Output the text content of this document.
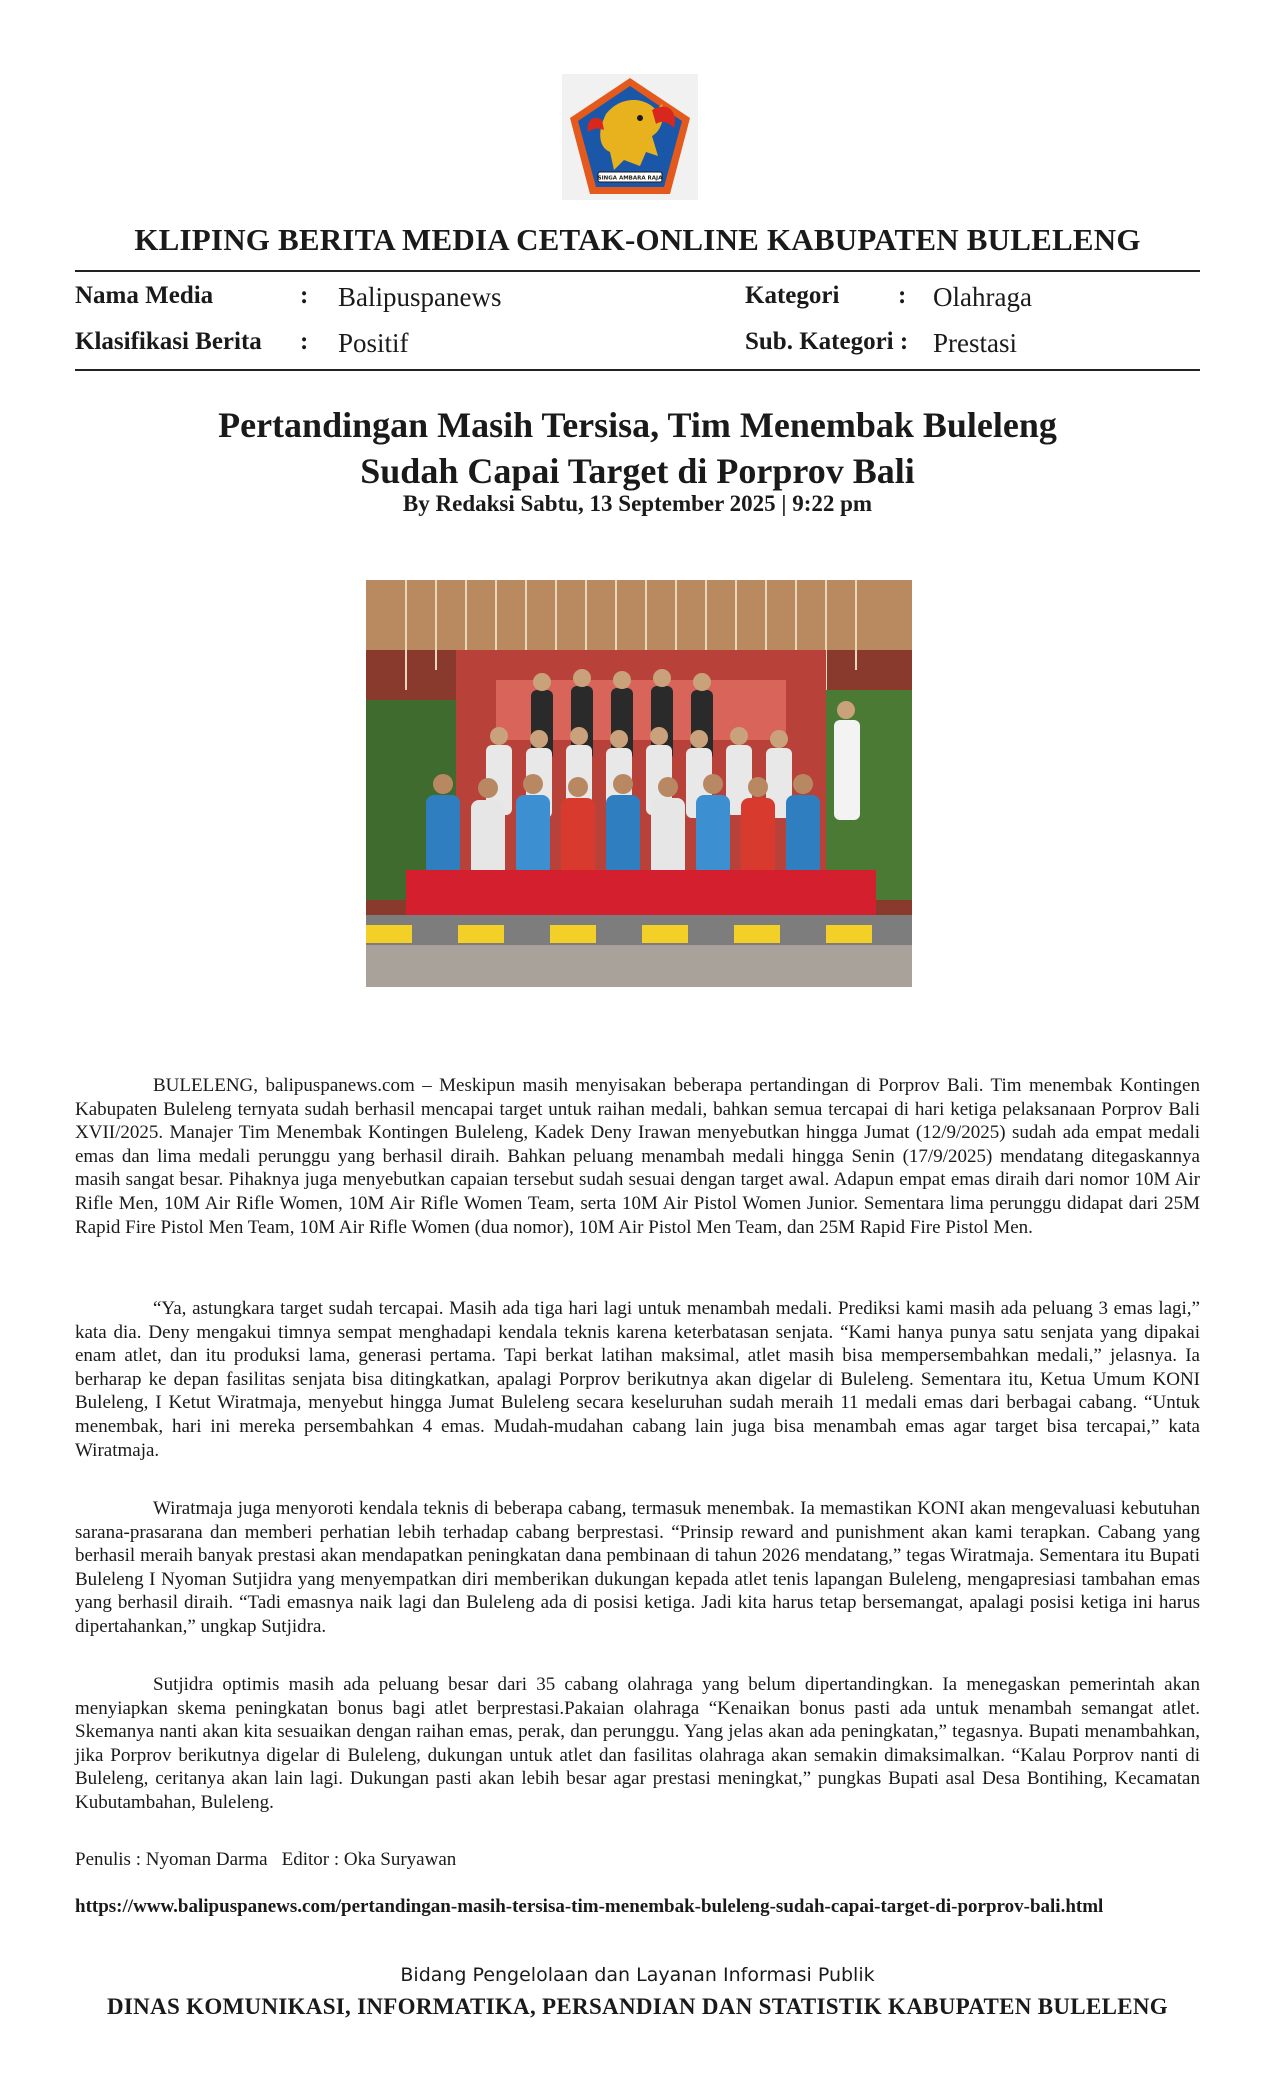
SINGA AMBARA RAJA
KLIPING BERITA MEDIA CETAK-ONLINE KABUPATEN BULELENG
Nama Media	: Balipuspanews
Klasifikasi Berita : Positif
Kategori : Olahraga
Sub. Kategori : Prestasi
Pertandingan Masih Tersisa, Tim Menembak Buleleng
Sudah Capai Target di Porprov Bali
By Redaksi Sabtu, 13 September 2025 | 9:22 pm

BULELENG, balipuspanews.com – Meskipun masih menyisakan beberapa pertandingan di Porprov Bali. Tim menembak Kontingen Kabupaten Buleleng ternyata sudah berhasil mencapai target untuk raihan medali, bahkan semua tercapai di hari ketiga pelaksanaan Porprov Bali XVII/2025. Manajer Tim Menembak Kontingen Buleleng, Kadek Deny Irawan menyebutkan hingga Jumat (12/9/2025) sudah ada empat medali emas dan lima medali perunggu yang berhasil diraih. Bahkan peluang menambah medali hingga Senin (17/9/2025) mendatang ditegaskannya masih sangat besar. Pihaknya juga menyebutkan capaian tersebut sudah sesuai dengan target awal. Adapun empat emas diraih dari nomor 10M Air Rifle Men, 10M Air Rifle Women, 10M Air Rifle Women Team, serta 10M Air Pistol Women Junior. Sementara lima perunggu didapat dari 25M Rapid Fire Pistol Men Team, 10M Air Rifle Women (dua nomor), 10M Air Pistol Men Team, dan 25M Rapid Fire Pistol Men.

“Ya, astungkara target sudah tercapai. Masih ada tiga hari lagi untuk menambah medali. Prediksi kami masih ada peluang 3 emas lagi,” kata dia. Deny mengakui timnya sempat menghadapi kendala teknis karena keterbatasan senjata. “Kami hanya punya satu senjata yang dipakai enam atlet, dan itu produksi lama, generasi pertama. Tapi berkat latihan maksimal, atlet masih bisa mempersembahkan medali,” jelasnya. Ia berharap ke depan fasilitas senjata bisa ditingkatkan, apalagi Porprov berikutnya akan digelar di Buleleng. Sementara itu, Ketua Umum KONI Buleleng, I Ketut Wiratmaja, menyebut hingga Jumat Buleleng secara keseluruhan sudah meraih 11 medali emas dari berbagai cabang. “Untuk menembak, hari ini mereka persembahkan 4 emas. Mudah-mudahan cabang lain juga bisa menambah emas agar target bisa tercapai,” kata Wiratmaja.

Wiratmaja juga menyoroti kendala teknis di beberapa cabang, termasuk menembak. Ia memastikan KONI akan mengevaluasi kebutuhan sarana-prasarana dan memberi perhatian lebih terhadap cabang berprestasi. “Prinsip reward and punishment akan kami terapkan. Cabang yang berhasil meraih banyak prestasi akan mendapatkan peningkatan dana pembinaan di tahun 2026 mendatang,” tegas Wiratmaja. Sementara itu Bupati Buleleng I Nyoman Sutjidra yang menyempatkan diri memberikan dukungan kepada atlet tenis lapangan Buleleng, mengapresiasi tambahan emas yang berhasil diraih. “Tadi emasnya naik lagi dan Buleleng ada di posisi ketiga. Jadi kita harus tetap bersemangat, apalagi posisi ketiga ini harus dipertahankan,” ungkap Sutjidra.

Sutjidra optimis masih ada peluang besar dari 35 cabang olahraga yang belum dipertandingkan. Ia menegaskan pemerintah akan menyiapkan skema peningkatan bonus bagi atlet berprestasi.Pakaian olahraga “Kenaikan bonus pasti ada untuk menambah semangat atlet. Skemanya nanti akan kita sesuaikan dengan raihan emas, perak, dan perunggu. Yang jelas akan ada peningkatan,” tegasnya. Bupati menambahkan, jika Porprov berikutnya digelar di Buleleng, dukungan untuk atlet dan fasilitas olahraga akan semakin dimaksimalkan. “Kalau Porprov nanti di Buleleng, ceritanya akan lain lagi. Dukungan pasti akan lebih besar agar prestasi meningkat,” pungkas Bupati asal Desa Bontihing, Kecamatan Kubutambahan, Buleleng.

Penulis : Nyoman Darma Editor : Oka Suryawan
https://www.balipuspanews.com/pertandingan-masih-tersisa-tim-menembak-buleleng-sudah-capai-target-di-porprov-bali.html
Bidang Pengelolaan dan Layanan Informasi Publik
DINAS KOMUNIKASI, INFORMATIKA, PERSANDIAN DAN STATISTIK KABUPATEN BULELENG
